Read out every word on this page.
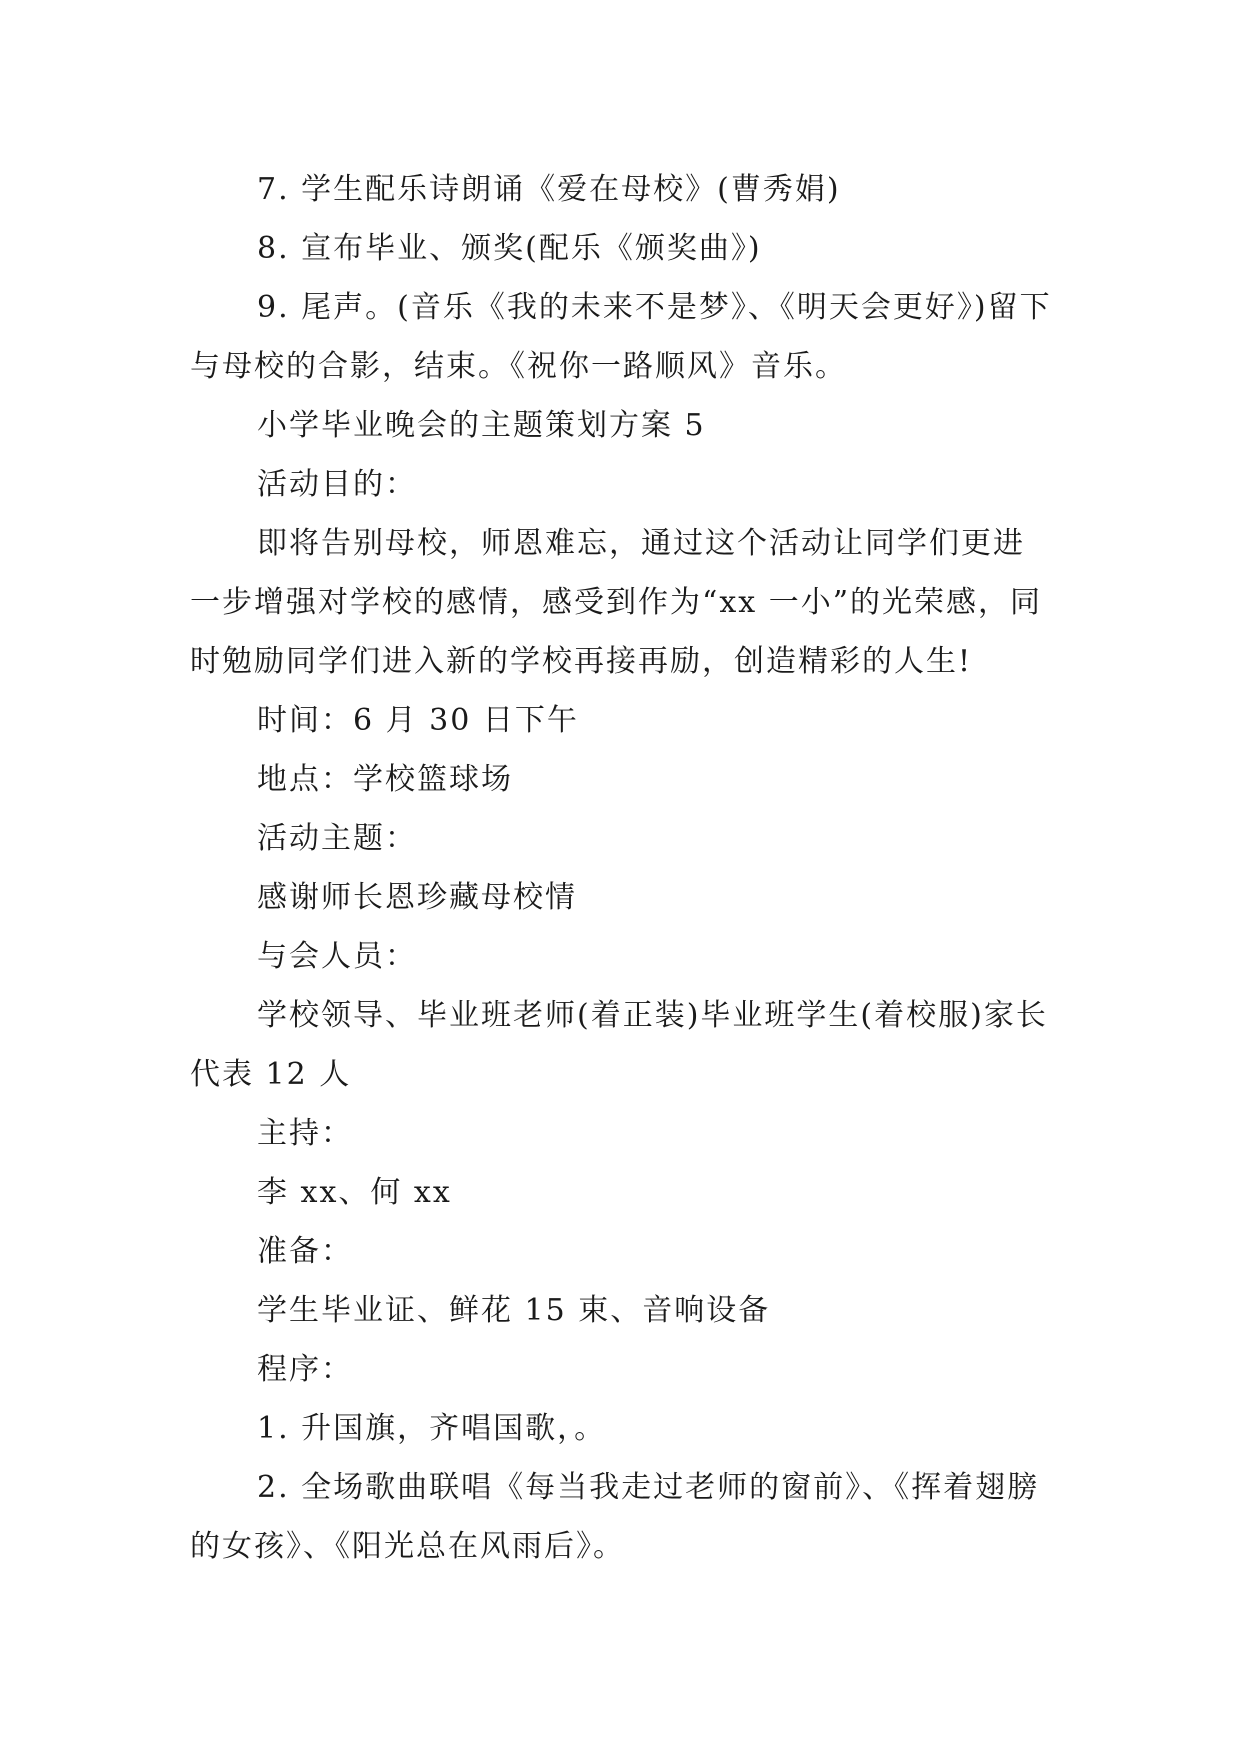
7. 学生配乐诗朗诵《爱在母校》(曹秀娟)

8. 宣布毕业、颁奖(配乐《颁奖曲》)

9. 尾声。(音乐《我的未来不是梦》、《明天会更好》)留下与母校的合影，结束。《祝你一路顺风》音乐。

小学毕业晚会的主题策划方案 5

活动目的：

即将告别母校，师恩难忘，通过这个活动让同学们更进一步增强对学校的感情，感受到作为“xx 一小”的光荣感，同时勉励同学们进入新的学校再接再励，创造精彩的人生!

时间：6 月 30 日下午

地点：学校篮球场

活动主题：

感谢师长恩珍藏母校情

与会人员：

学校领导、毕业班老师(着正装)毕业班学生(着校服)家长代表 12 人

主持：

李 xx、何 xx

准备：

学生毕业证、鲜花 15 束、音响设备

程序：

1. 升国旗，齐唱国歌，。

2. 全场歌曲联唱《每当我走过老师的窗前》、《挥着翅膀的女孩》、《阳光总在风雨后》。
